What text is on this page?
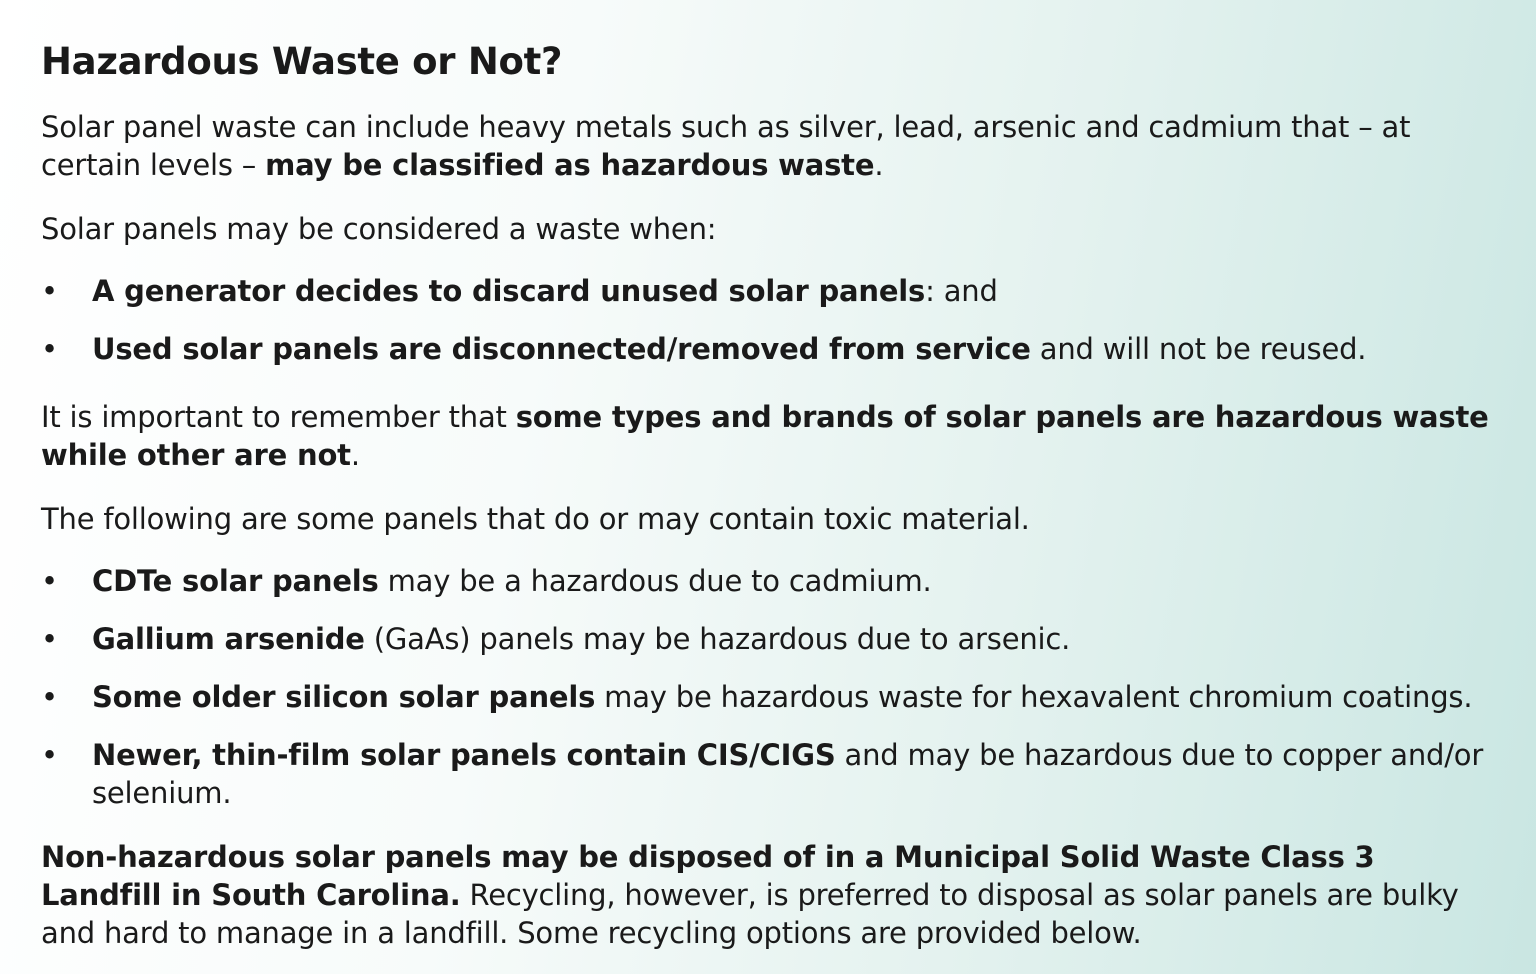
Hazardous Waste or Not?

Solar panel waste can include heavy metals such as silver, lead, arsenic and cadmium that – at certain levels – may be classified as hazardous waste.

Solar panels may be considered a waste when:

• A generator decides to discard unused solar panels: and
• Used solar panels are disconnected/removed from service and will not be reused.

It is important to remember that some types and brands of solar panels are hazardous waste while other are not.

The following are some panels that do or may contain toxic material.

• CDTe solar panels may be a hazardous due to cadmium.
• Gallium arsenide (GaAs) panels may be hazardous due to arsenic.
• Some older silicon solar panels may be hazardous waste for hexavalent chromium coatings.
• Newer, thin-film solar panels contain CIS/CIGS and may be hazardous due to copper and/or selenium.

Non-hazardous solar panels may be disposed of in a Municipal Solid Waste Class 3 Landfill in South Carolina. Recycling, however, is preferred to disposal as solar panels are bulky and hard to manage in a landfill. Some recycling options are provided below.
